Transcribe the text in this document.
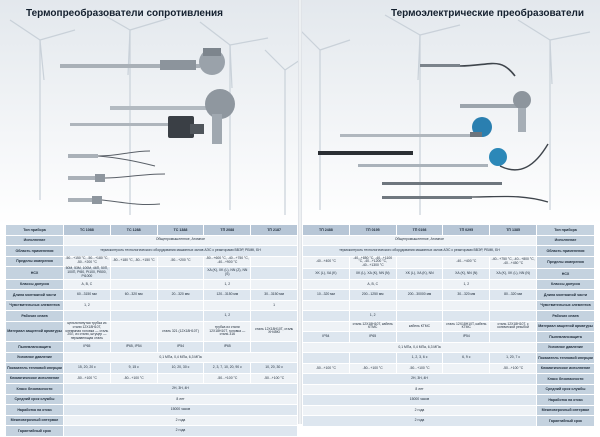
Термопреобразователи сопротивления
Тип прибора	ТС 1088	ТС 1288	ТС 1388	ТП 2088	ТП 2187
Исполнение	Общепромышленное, Атомное				
Область применения	термоконтроль технологического оборудования машинных залов АЭС с реакторами ВВЭР, РБМК, БН				
Пределы измерения	-50...+150 °C, -50...+180 °C, -50...+200 °C	-50...+180 °C, -50...+150 °C	-50...+200 °C	-50...+600 °C, -40...+750 °C, -40...+900 °C	
НСХ	50М, 53М, 100М, 46П, 50П, 100П, Pt50, Pt100, Pt500, Pt1000			XA (K), XK (L), NN (Z), NN (S)	
Классы допуска	A, B, C			1, 2	
Длина монтажной части	60...3150 мм	60...320 мм	20...320 мм	120...3150 мм	30...3150 мм
Чувствительных элементов	1, 2				1
Рабочих спаев				1, 2	
Материал защитной арматуры	цельнотянутая трубка из стали 12Х18Н10Т, клеммная головка — сталь 20Л, из стали, штуцер — нержавеющая сталь		сталь 321 (12Х18Н10Т)	трубка из стали 12Х18Н10Т, головка — сталь 316	сталь 12Х18Н10Т, сталь ХН45Ю
Пылевлагозащита	IP65	IP65, IP54	IP54	IP65	
Условное давление	0,1 МПа, 0,4 МПа, 6,3 МПа				
Показатель тепловой инерции	15, 20, 20 с	9, 15 с	10, 20, 30 с	2, 3, 7, 10, 20, 90 с	10, 20, 30 с
Климатическое исполнение	-50...+100 °C	-50...+100 °C		-50...+100 °C	-50...+100 °C
Класс безопасности	2Н, 3Н, 4Н				
Средний срок службы	8 лет				
Наработка на отказ	15000 часов				
Межповерочный интервал	2 года				
Гарантийный срок	2 года				
Термоэлектрические преобразователи
ТП 2488	ТП 0195	ТП 0198	ТП 0295	ТП 1385	Тип прибора
Общепромышленное, Атомное					Исполнение
термоконтроль технологического оборудования машинных залов АЭС с реакторами ВВЭР, РБМК, БН					Область применения
-40...+400 °C	-40...+850 °C, -40...+1100 °C, -40...+1200 °C, -40...+1300 °C		-40...+400 °C	-40...+750 °C, -40...+800 °C, -40...+450 °C	Пределы измерения
XK (L), XA (K)	XK (L), XA (K), NN (N)	XK (L), XA (K), NN	XA (K), NN (N)	XA (K), XK (L), NN (N)	НСХ
	A, B, C		1, 2		Классы допуска
10...320 мм	200...1250 мм	200...30000 мм	30...320 мм	80...320 мм	Длина монтажной части
					Чувствительных элементов
	1, 2				Рабочих спаев
	сталь 12Х18Н10Т, кабель КТМС	кабель КТМС	сталь 12Х18Н10Т, кабель КТМС	сталь 12Х18Н10Т, с конической резьбой	Материал защитной арматуры
IP54	IP65		IP54		Пылевлагозащита
0,1 МПа, 0,4 МПа, 6,3 МПа					Условное давление
		1, 2, 3, 6 с	6, 9 с	1, 20, 7 с	Показатель тепловой инерции
-50...+100 °C	-50...+100 °C	-50...+100 °C		-50...+100 °C	Климатическое исполнение
2Н, 3Н, 4Н					Класс безопасности
8 лет					Средний срок службы
15000 часов					Наработка на отказ
2 года					Межповерочный интервал
2 года					Гарантийный срок
